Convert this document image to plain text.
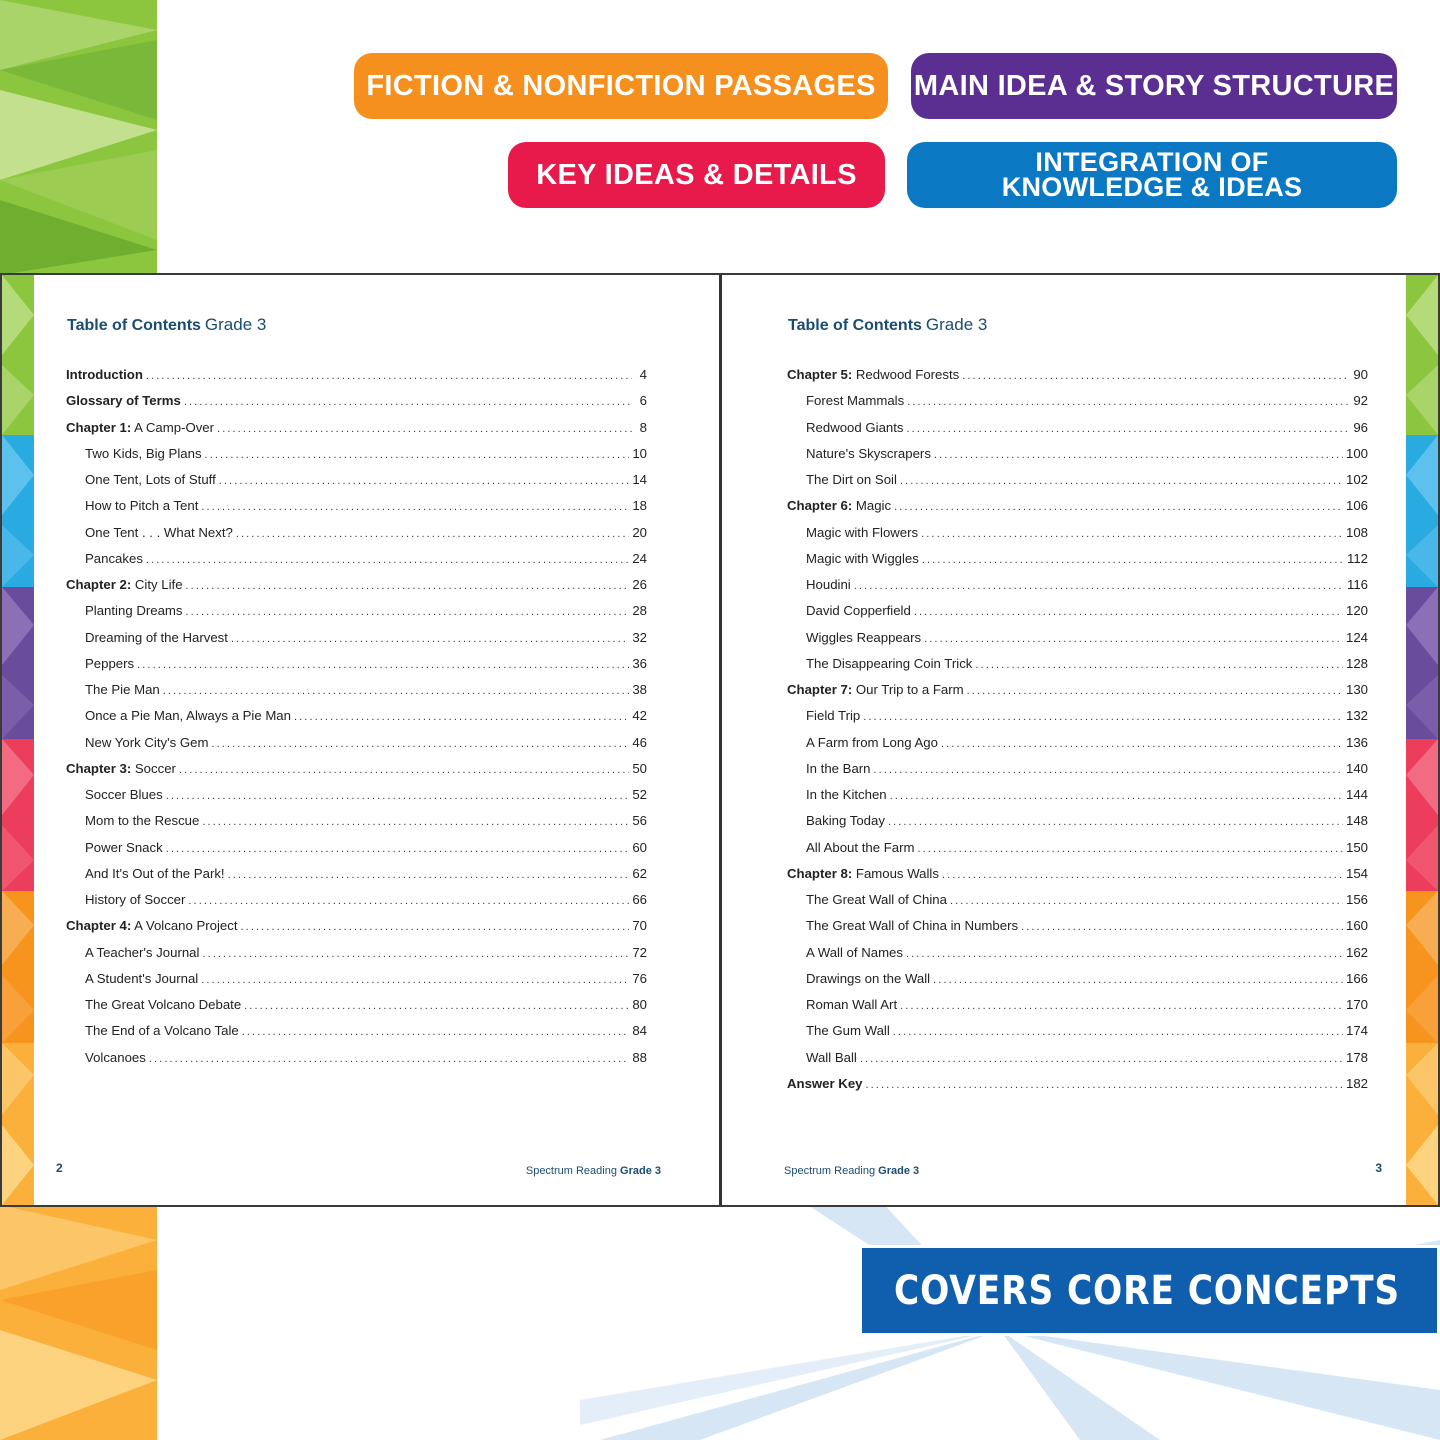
FICTION & NONFICTION PASSAGES MAIN IDEA & STORY STRUCTURE
KEY IDEAS & DETAILS	INTEGRATION OF
KNOWLEDGE & IDEAS
Table of Contents Grade 3
Introduction .....	4
Glossary of Terms .....	6
Chapter 1: A Camp-Over .....	8
Two Kids, Big Plans .....	10
One Tent, Lots of Stuff .....	14
How to Pitch a Tent .....	18
One Tent . . . What Next? .....	20
Pancakes .....	24
Chapter 2: City Life .....	26
Planting Dreams .....	28
Dreaming of the Harvest .....	32
Peppers .....	36
The Pie Man .....	38
Once a Pie Man, Always a Pie Man .....	42
New York City's Gem .....	46
Chapter 3: Soccer .....	50
Soccer Blues .....	52
Mom to the Rescue .....	56
Power Snack .....	60
And It's Out of the Park! .....	62
History of Soccer .....	66
Chapter 4: A Volcano Project .....	70
A Teacher's Journal .....	72
A Student's Journal .....	76
The Great Volcano Debate .....	80
The End of a Volcano Tale .....	84
Volcanoes .....	88
2	Spectrum Reading Grade 3
Table of Contents Grade 3
Chapter 5: Redwood Forests .....	90
Forest Mammals .....	92
Redwood Giants .....	96
Nature's Skyscrapers .....	100
The Dirt on Soil .....	102
Chapter 6: Magic .....	106
Magic with Flowers .....	108
Magic with Wiggles .....	112
Houdini .....	116
David Copperfield .....	120
Wiggles Reappears .....	124
The Disappearing Coin Trick .....	128
Chapter 7: Our Trip to a Farm .....	130
Field Trip .....	132
A Farm from Long Ago .....	136
In the Barn .....	140
In the Kitchen .....	144
Baking Today .....	148
All About the Farm .....	150
Chapter 8: Famous Walls .....	154
The Great Wall of China .....	156
The Great Wall of China in Numbers .....	160
A Wall of Names .....	162
Drawings on the Wall .....	166
Roman Wall Art .....	170
The Gum Wall .....	174
Wall Ball .....	178
Answer Key .....	182
3
Spectrum Reading Grade 3
COVERS CORE CONCEPTS
